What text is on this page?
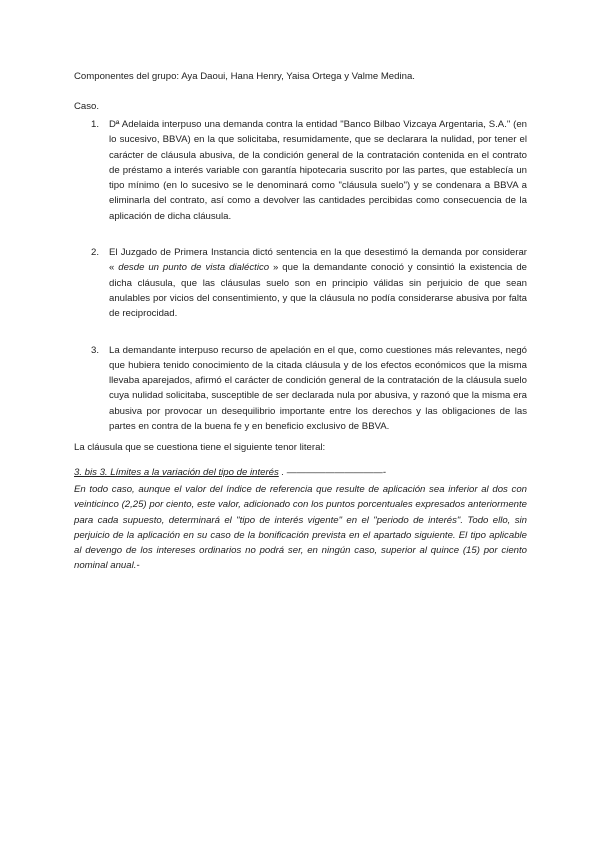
Componentes del grupo: Aya Daoui, Hana Henry, Yaisa Ortega y Valme Medina.
Caso.
1. Dª Adelaida interpuso una demanda contra la entidad "Banco Bilbao Vizcaya Argentaria, S.A." (en lo sucesivo, BBVA) en la que solicitaba, resumidamente, que se declarara la nulidad, por tener el carácter de cláusula abusiva, de la condición general de la contratación contenida en el contrato de préstamo a interés variable con garantía hipotecaria suscrito por las partes, que establecía un tipo mínimo (en lo sucesivo se le denominará como "cláusula suelo") y se condenara a BBVA a eliminarla del contrato, así como a devolver las cantidades percibidas como consecuencia de la aplicación de dicha cláusula.
2. El Juzgado de Primera Instancia dictó sentencia en la que desestimó la demanda por considerar « desde un punto de vista dialéctico » que la demandante conoció y consintió la existencia de dicha cláusula, que las cláusulas suelo son en principio válidas sin perjuicio de que sean anulables por vicios del consentimiento, y que la cláusula no podía considerarse abusiva por falta de reciprocidad.
3. La demandante interpuso recurso de apelación en el que, como cuestiones más relevantes, negó que hubiera tenido conocimiento de la citada cláusula y de los efectos económicos que la misma llevaba aparejados, afirmó el carácter de condición general de la contratación de la cláusula suelo cuya nulidad solicitaba, susceptible de ser declarada nula por abusiva, y razonó que la misma era abusiva por provocar un desequilibrio importante entre los derechos y las obligaciones de las partes en contra de la buena fe y en beneficio exclusivo de BBVA.
La cláusula que se cuestiona tiene el siguiente tenor literal:
3. bis 3. Límites a la variación del tipo de interés . ——————————-
En todo caso, aunque el valor del índice de referencia que resulte de aplicación sea inferior al dos con veinticinco (2,25) por ciento, este valor, adicionado con los puntos porcentuales expresados anteriormente para cada supuesto, determinará el "tipo de interés vigente" en el "periodo de interés". Todo ello, sin perjuicio de la aplicación en su caso de la bonificación prevista en el apartado siguiente. El tipo aplicable al devengo de los intereses ordinarios no podrá ser, en ningún caso, superior al quince (15) por ciento nominal anual.-
